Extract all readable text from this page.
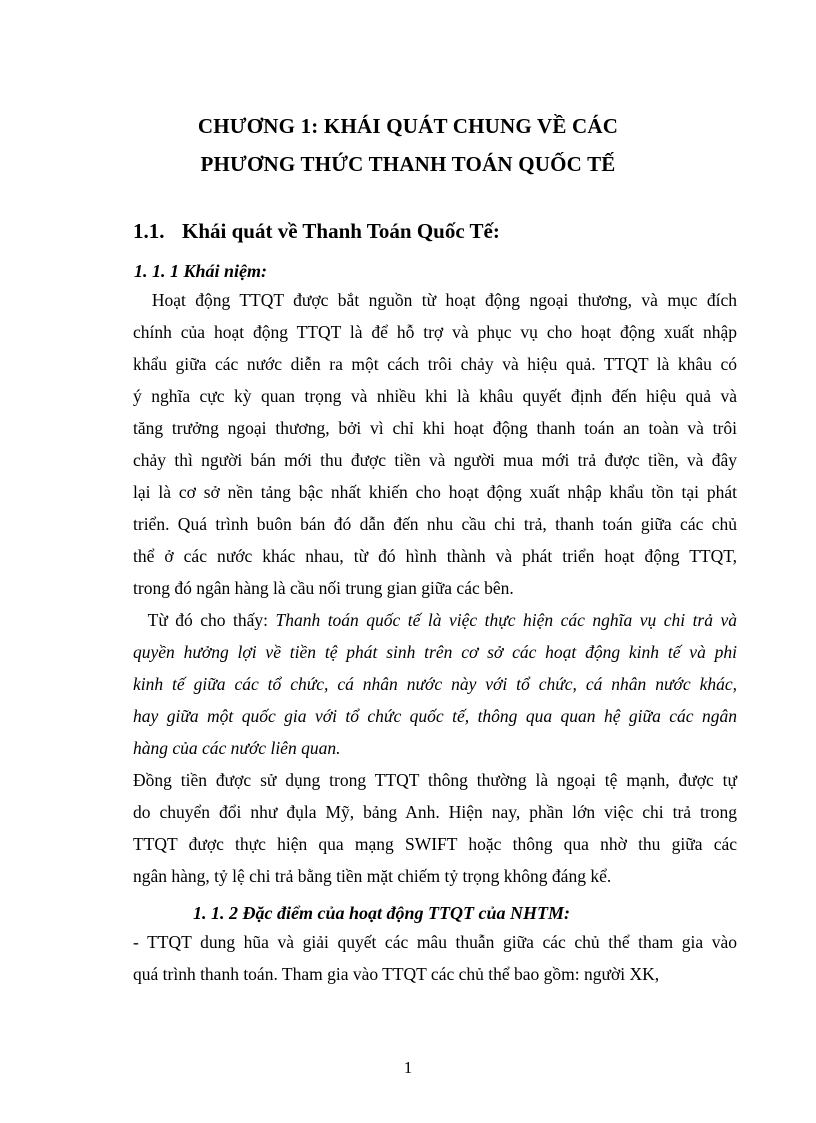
CHƯƠNG 1: KHÁI QUÁT CHUNG VỀ CÁC
PHƯƠNG THỨC THANH TOÁN QUỐC TẾ
1.1. Khái quát về Thanh Toán Quốc Tế:
1. 1. 1 Khái niệm:
Hoạt động TTQT được bắt nguồn từ hoạt động ngoại thương, và mục đích
chính của hoạt động TTQT là để hỗ trợ và phục vụ cho hoạt động xuất nhập
khẩu giữa các nước diễn ra một cách trôi chảy và hiệu quả. TTQT là khâu có
ý nghĩa cực kỳ quan trọng và nhiều khi là khâu quyết định đến hiệu quả và
tăng trưởng ngoại thương, bởi vì chỉ khi hoạt động thanh toán an toàn và trôi
chảy thì người bán mới thu được tiền và người mua mới trả được tiền, và đây
lại là cơ sở nền tảng bậc nhất khiến cho hoạt động xuất nhập khẩu tồn tại phát
triển. Quá trình buôn bán đó dẫn đến nhu cầu chi trả, thanh toán giữa các chủ
thể ở các nước khác nhau, từ đó hình thành và phát triển hoạt động TTQT,
trong đó ngân hàng là cầu nối trung gian giữa các bên.
Từ đó cho thấy: Thanh toán quốc tế là việc thực hiện các nghĩa vụ chi trả và
quyền hưởng lợi về tiền tệ phát sinh trên cơ sở các hoạt động kinh tế và phi
kinh tế giữa các tổ chức, cá nhân nước này với tổ chức, cá nhân nước khác,
hay giữa một quốc gia với tổ chức quốc tế, thông qua quan hệ giữa các ngân
hàng của các nước liên quan.
Đồng tiền được sử dụng trong TTQT thông thường là ngoại tệ mạnh, được tự
do chuyển đổi như đụla Mỹ, bảng Anh. Hiện nay, phần lớn việc chi trả trong
TTQT được thực hiện qua mạng SWIFT hoặc thông qua nhờ thu giữa các
ngân hàng, tỷ lệ chi trả bằng tiền mặt chiếm tỷ trọng không đáng kể.
1. 1. 2 Đặc điểm của hoạt động TTQT của NHTM:
- TTQT dung hũa và giải quyết các mâu thuẫn giữa các chủ thể tham gia vào
quá trình thanh toán. Tham gia vào TTQT các chủ thể bao gồm: người XK,
1
